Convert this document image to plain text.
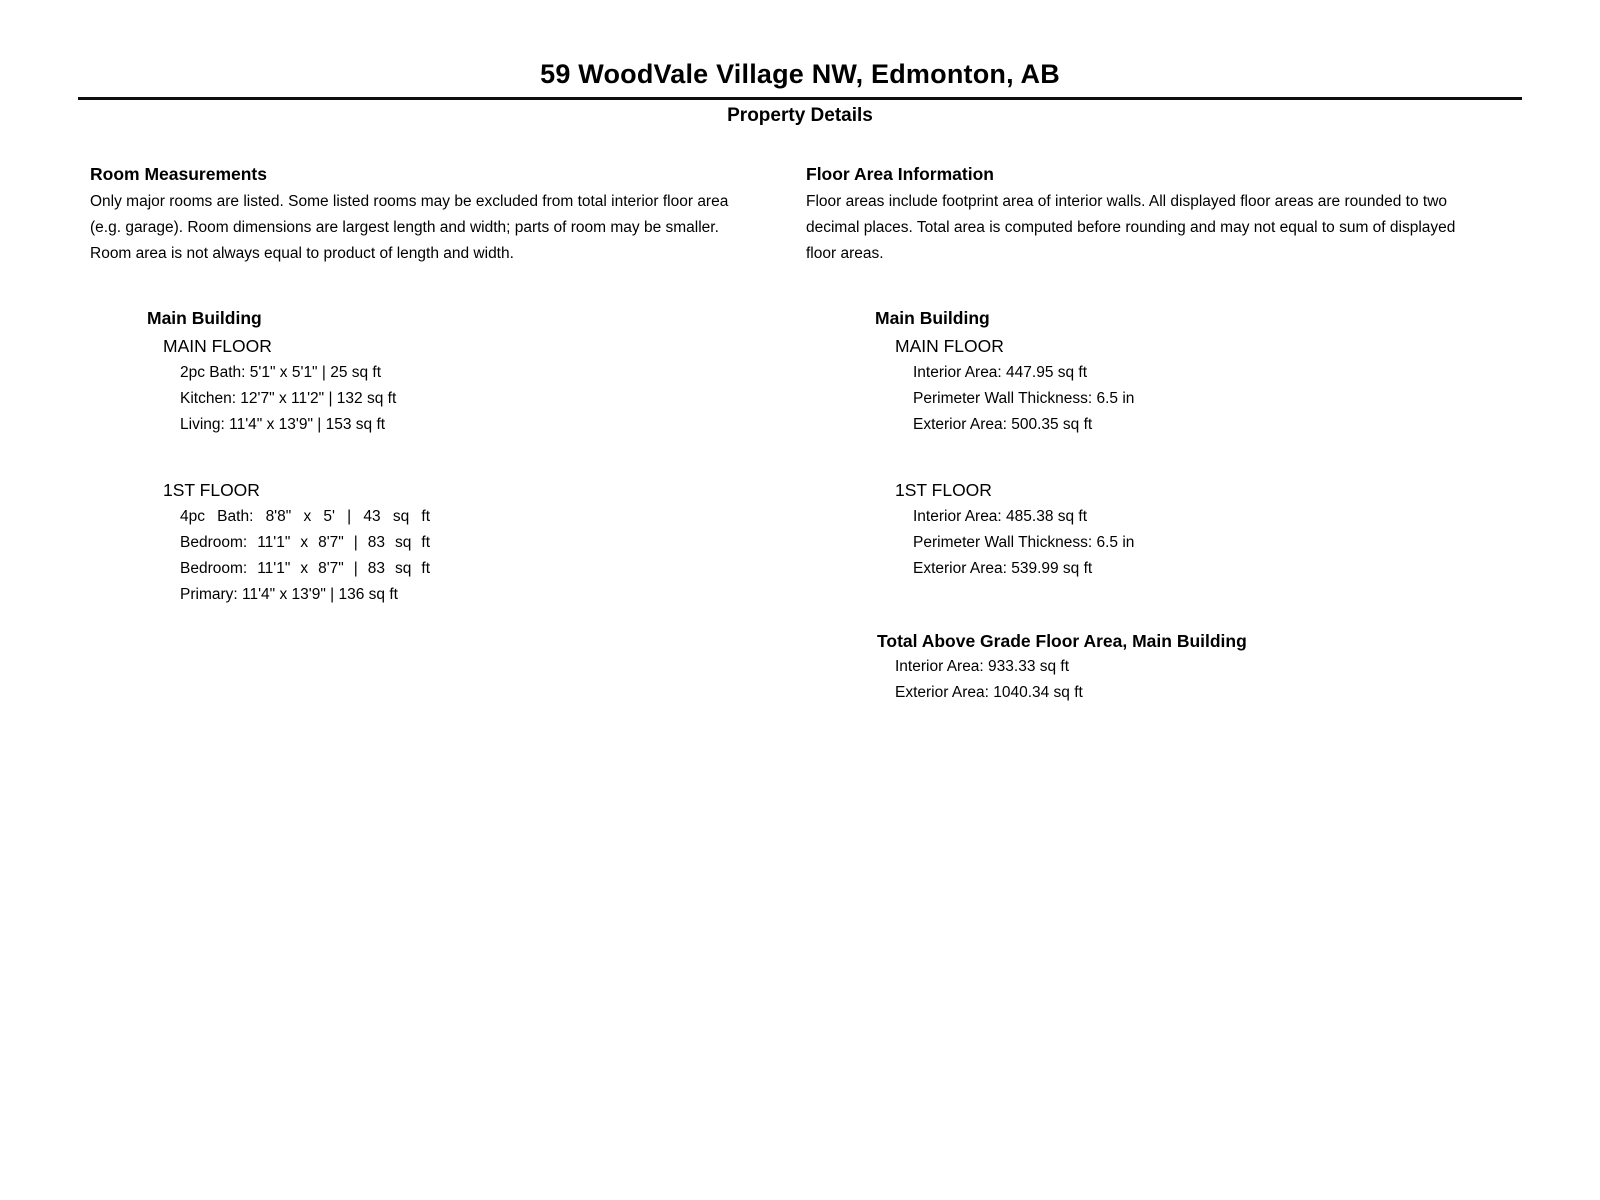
59 WoodVale Village NW, Edmonton, AB
Property Details
Room Measurements
Only major rooms are listed. Some listed rooms may be excluded from total interior floor area
(e.g. garage). Room dimensions are largest length and width; parts of room may be smaller.
Room area is not always equal to product of length and width.
Main Building
MAIN FLOOR
2pc Bath: 5'1" x 5'1" | 25 sq ft
Kitchen: 12'7" x 11'2" | 132 sq ft
Living: 11'4" x 13'9" | 153 sq ft
1ST FLOOR
4pc Bath: 8'8" x 5' | 43 sq ft
Bedroom: 11'1" x 8'7" | 83 sq ft
Bedroom: 11'1" x 8'7" | 83 sq ft
Primary: 11'4" x 13'9" | 136 sq ft
Floor Area Information
Floor areas include footprint area of interior walls. All displayed floor areas are rounded to two
decimal places. Total area is computed before rounding and may not equal to sum of displayed
floor areas.
Main Building
MAIN FLOOR
Interior Area: 447.95 sq ft
Perimeter Wall Thickness: 6.5 in
Exterior Area: 500.35 sq ft
1ST FLOOR
Interior Area: 485.38 sq ft
Perimeter Wall Thickness: 6.5 in
Exterior Area: 539.99 sq ft
Total Above Grade Floor Area, Main Building
Interior Area: 933.33 sq ft
Exterior Area: 1040.34 sq ft
